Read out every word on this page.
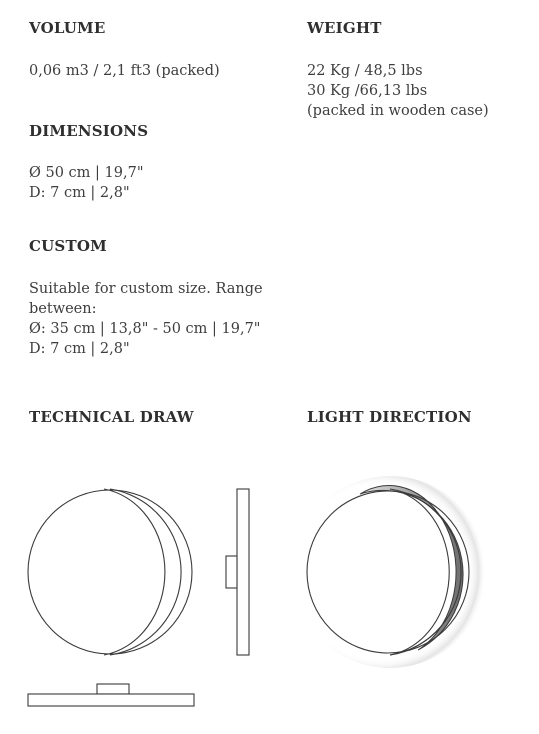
VOLUME
0,06 m3 / 2,1 ft3 (packed)
WEIGHT
22 Kg / 48,5 lbs
30 Kg /66,13 lbs
(packed in wooden case)
DIMENSIONS
Ø 50 cm | 19,7"
D: 7 cm | 2,8"
CUSTOM
Suitable for custom size. Range
between:
Ø: 35 cm | 13,8" - 50 cm | 19,7"
D: 7 cm | 2,8"
TECHNICAL DRAW	LIGHT DIRECTION
